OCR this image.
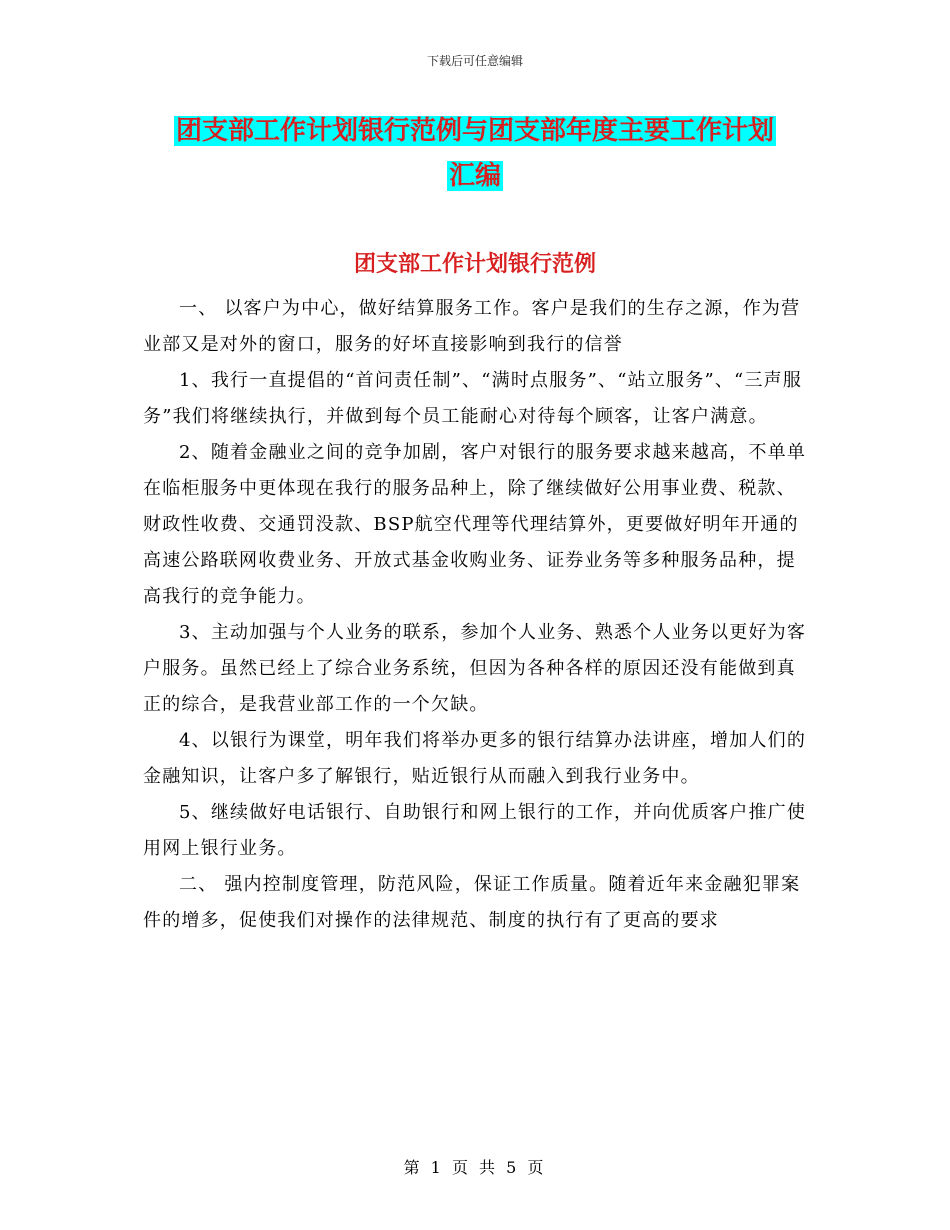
下载后可任意编辑
团支部工作计划银行范例与团支部年度主要工作计划
汇编
团支部工作计划银行范例

一、 以客户为中心，做好结算服务工作。客户是我们的生存之源，作为营业部又是对外的窗口，服务的好坏直接影响到我行的信誉

1、我行一直提倡的“首问责任制”、“满时点服务”、“站立服务”、“三声服务”我们将继续执行，并做到每个员工能耐心对待每个顾客，让客户满意。

2、随着金融业之间的竞争加剧，客户对银行的服务要求越来越高，不单单在临柜服务中更体现在我行的服务品种上，除了继续做好公用事业费、税款、财政性收费、交通罚没款、BSP航空代理等代理结算外，更要做好明年开通的高速公路联网收费业务、开放式基金收购业务、证券业务等多种服务品种，提高我行的竞争能力。

3、主动加强与个人业务的联系，参加个人业务、熟悉个人业务以更好为客户服务。虽然已经上了综合业务系统，但因为各种各样的原因还没有能做到真正的综合，是我营业部工作的一个欠缺。

4、以银行为课堂，明年我们将举办更多的银行结算办法讲座，增加人们的金融知识，让客户多了解银行，贴近银行从而融入到我行业务中。

5、继续做好电话银行、自助银行和网上银行的工作，并向优质客户推广使用网上银行业务。

二、 强内控制度管理，防范风险，保证工作质量。随着近年来金融犯罪案件的增多，促使我们对操作的法律规范、制度的执行有了更高的要求

第 1 页 共 5 页
